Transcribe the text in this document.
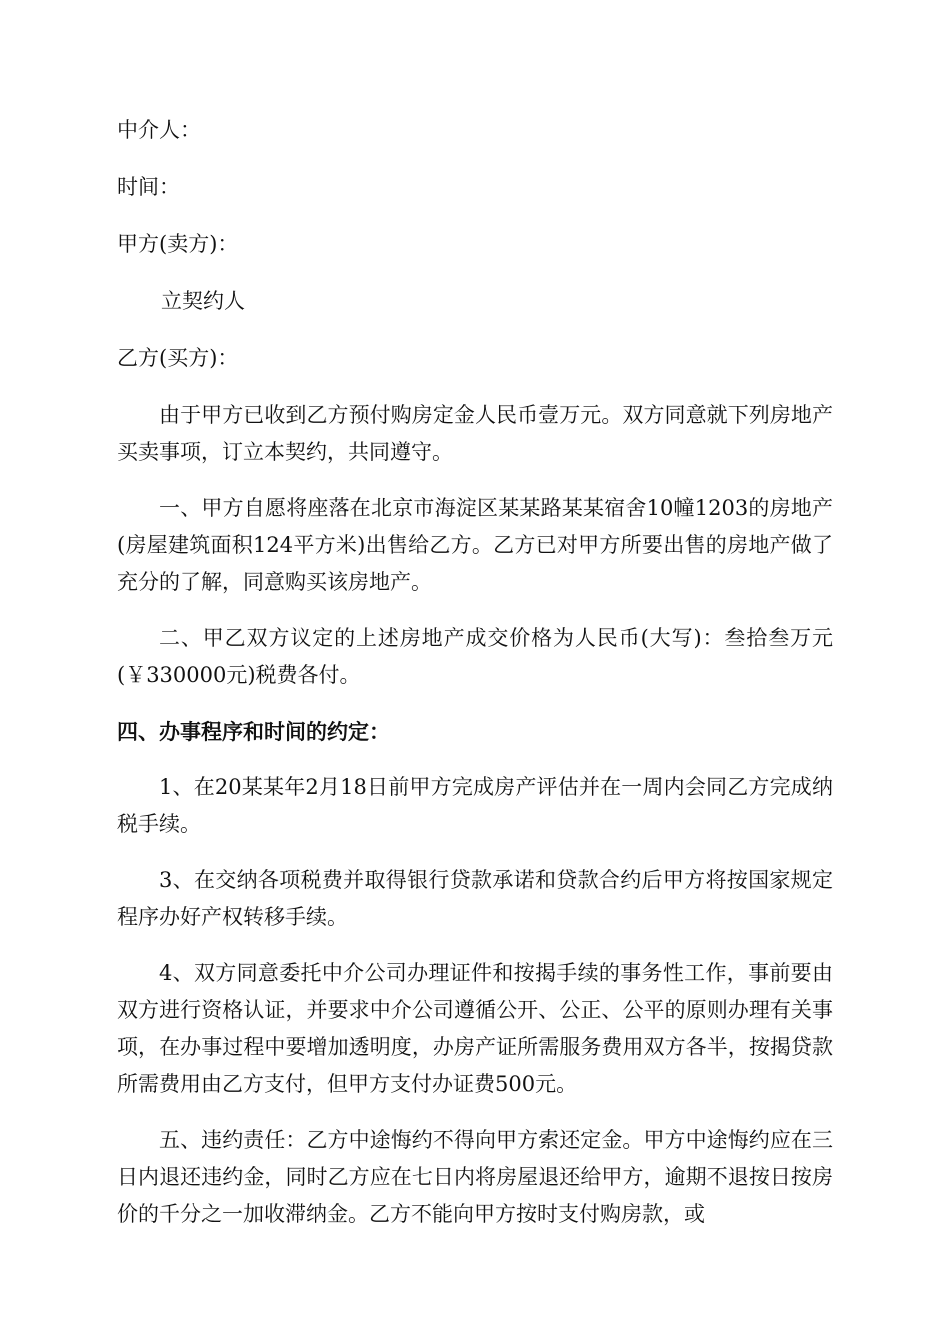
中介人：

时间：

甲方(卖方)：

立契约人

乙方(买方)：

由于甲方已收到乙方预付购房定金人民币壹万元。双方同意就下列房地产买卖事项，订立本契约，共同遵守。

一、甲方自愿将座落在北京市海淀区某某路某某宿舍10幢1203的房地产(房屋建筑面积124平方米)出售给乙方。乙方已对甲方所要出售的房地产做了充分的了解，同意购买该房地产。

二、甲乙双方议定的上述房地产成交价格为人民币(大写)：叁拾叁万元(￥330000元)税费各付。

四、办事程序和时间的约定：

1、在20某某年2月18日前甲方完成房产评估并在一周内会同乙方完成纳税手续。

3、在交纳各项税费并取得银行贷款承诺和贷款合约后甲方将按国家规定程序办好产权转移手续。

4、双方同意委托中介公司办理证件和按揭手续的事务性工作，事前要由双方进行资格认证，并要求中介公司遵循公开、公正、公平的原则办理有关事项，在办事过程中要增加透明度，办房产证所需服务费用双方各半，按揭贷款所需费用由乙方支付，但甲方支付办证费500元。

五、违约责任：乙方中途悔约不得向甲方索还定金。甲方中途悔约应在三日内退还违约金，同时乙方应在七日内将房屋退还给甲方，逾期不退按日按房价的千分之一加收滞纳金。乙方不能向甲方按时支付购房款，或
